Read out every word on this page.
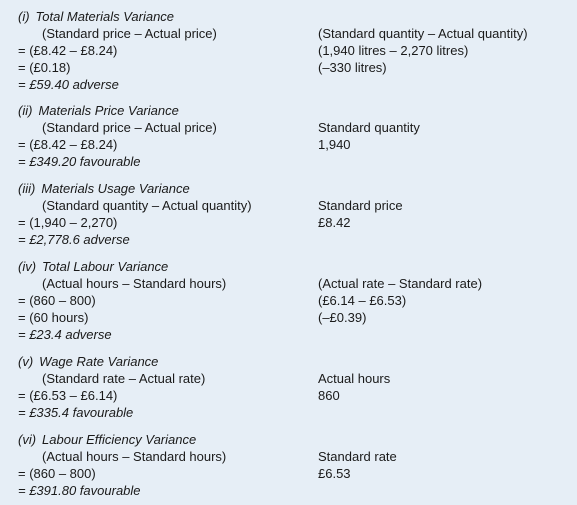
(i) Total Materials Variance
(Standard price – Actual price)
= (£8.42 – £8.24)
= (£0.18)
= £59.40 adverse
(Standard quantity – Actual quantity)
(1,940 litres – 2,270 litres)
(–330 litres)
(ii) Materials Price Variance
(Standard price – Actual price)
= (£8.42 – £8.24)
= £349.20 favourable
Standard quantity
1,940
(iii) Materials Usage Variance
(Standard quantity – Actual quantity)
= (1,940 – 2,270)
= £2,778.6 adverse
Standard price
£8.42
(iv) Total Labour Variance
(Actual hours – Standard hours)
= (860 – 800)
= (60 hours)
= £23.4 adverse
(Actual rate – Standard rate)
(£6.14 – £6.53)
(–£0.39)
(v) Wage Rate Variance
(Standard rate – Actual rate)
= (£6.53 – £6.14)
= £335.4 favourable
Actual hours
860
(vi) Labour Efficiency Variance
(Actual hours – Standard hours)
= (860 – 800)
= £391.80 favourable
Standard rate
£6.53
